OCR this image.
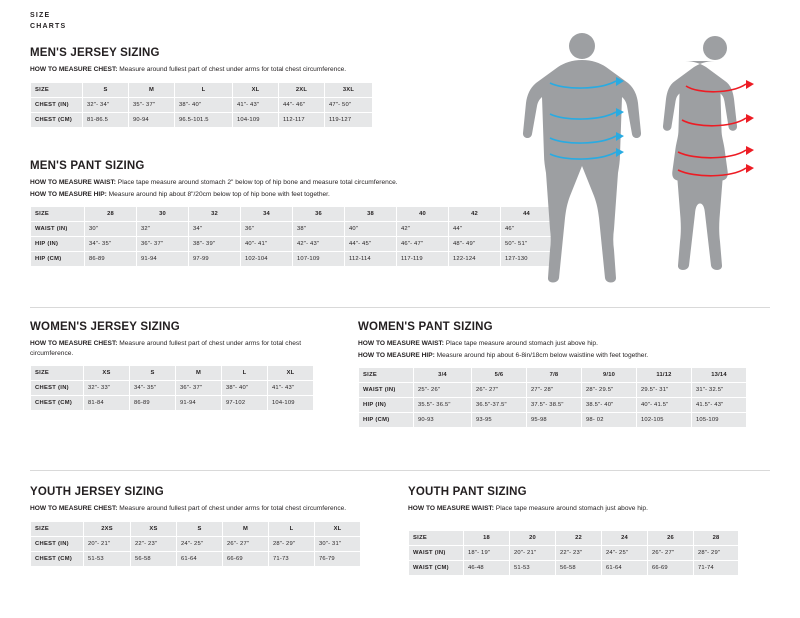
SIZE
CHARTS
MEN'S JERSEY SIZING
HOW TO MEASURE CHEST: Measure around fullest part of chest under arms for total chest circumference.
SIZE	S	M	L	XL	2XL	3XL
CHEST (IN)	32"- 34"	35"- 37"	38"- 40"	41"- 43"	44"- 46"	47"- 50"
CHEST (CM)	81-86.5	90-94	96.5-101.5	104-109	112-117	119-127
MEN'S PANT SIZING
HOW TO MEASURE WAIST: Place tape measure around stomach 2" below top of hip bone and measure total circumference.
HOW TO MEASURE HIP: Measure around hip about 8"/20cm below top of hip bone with feet together.
SIZE	28	30	32	34	36	38	40	42	44
WAIST (IN)	30"	32"	34"	36"	38"	40"	42"	44"	46"
HIP (IN)	34"- 35"	36"- 37"	38"- 39"	40"- 41"	42"- 43"	44"- 45"	46"- 47"	48"- 49"	50"- 51"
HIP (CM)	86-89	91-94	97-99	102-104	107-109	112-114	117-119	122-124	127-130
WOMEN'S JERSEY SIZING
HOW TO MEASURE CHEST: Measure around fullest part of chest under arms for total chest circumference.
SIZE	XS	S	M	L	XL
CHEST (IN)	32"- 33"	34"- 35"	36"- 37"	38"- 40"	41"- 43"
CHEST (CM)	81-84	86-89	91-94	97-102	104-109
WOMEN'S PANT SIZING
HOW TO MEASURE WAIST: Place tape measure around stomach just above hip.
HOW TO MEASURE HIP: Measure around hip about 6-8in/18cm below waistline with feet together.
SIZE	3/4	5/6	7/8	9/10	11/12	13/14
WAIST (IN)	25"- 26"	26"- 27"	27"- 28"	28"- 29.5"	29.5"- 31"	31"- 32.5"
HIP (IN)	35.5"- 36.5"	36.5"-37.5"	37.5"- 38.5"	38.5"- 40"	40"- 41.5"	41.5"- 43"
HIP (CM)	90-93	93-95	95-98	98- 02	102-105	105-109
YOUTH JERSEY SIZING
HOW TO MEASURE CHEST: Measure around fullest part of chest under arms for total chest circumference.
SIZE	2XS	XS	S	M	L	XL
CHEST (IN)	20"- 21"	22"- 23"	24"- 25"	26"- 27"	28"- 29"	30"- 31"
CHEST (CM)	51-53	56-58	61-64	66-69	71-73	76-79
YOUTH PANT SIZING
HOW TO MEASURE WAIST: Place tape measure around stomach just above hip.
SIZE	18	20	22	24	26	28
WAIST (IN)	18"- 19"	20"- 21"	22"- 23"	24"- 25"	26"- 27"	28"- 29"
WAIST (CM)	46-48	51-53	56-58	61-64	66-69	71-74
